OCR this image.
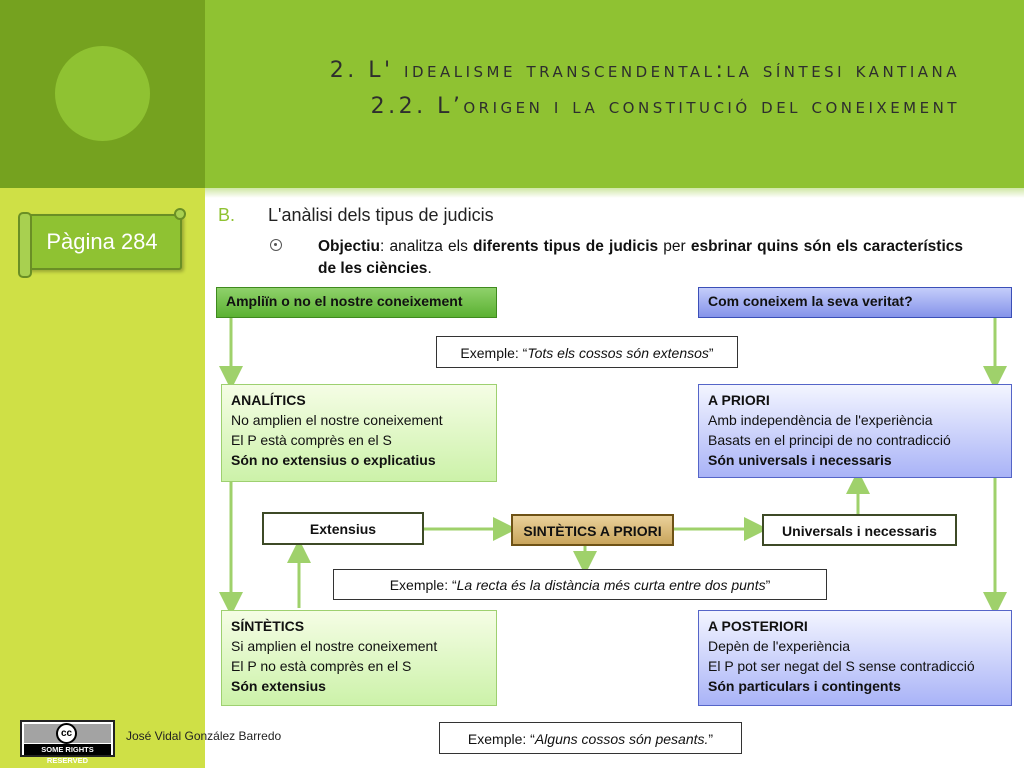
2. L' idealisme transcendental:la síntesi kantiana
2.2. L’origen i la constitució del coneixement
Pàgina 284
B. L'anàlisi dels tipus de judicis
Objectiu: analitza els diferents tipus de judicis per esbrinar quins són els característics de les ciències.
Ampliïn o no el nostre coneixement	Com coneixem la seva veritat?
Exemple: “Tots els cossos són extensos”
ANALÍTICS
No amplien el nostre coneixement
El P està comprès en el S
Són no extensius o explicatius
A PRIORI
Amb independència de l'experiència
Basats en el principi de no contradicció
Són universals i necessaris
Extensius	SINTÈTICS A PRIORI	Universals i necessaris
Exemple: “La recta és la distància més curta entre dos punts”
SÍNTÈTICS
Si amplien el nostre coneixement
El P no està comprès en el S
Són extensius
A POSTERIORI
Depèn de l'experiència
El P pot ser negat del S sense contradicció
Són particulars i contingents
Exemple: “Alguns cossos són pesants.”
cc
SOME RIGHTS RESERVED
José Vidal González Barredo
